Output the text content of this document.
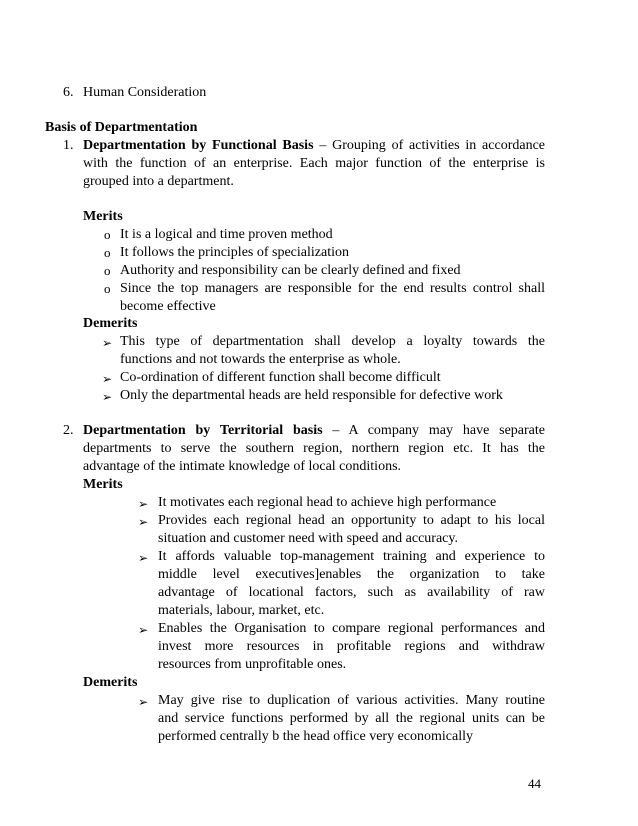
6. Human Consideration
Basis of Departmentation
1. Departmentation by Functional Basis – Grouping of activities in accordance
with the function of an enterprise. Each major function of the enterprise is
grouped into a department.
Merits
o It is a logical and time proven method
o It follows the principles of specialization
o Authority and responsibility can be clearly defined and fixed
o Since the top managers are responsible for the end results control shall
become effective
Demerits
➢ This type of departmentation shall develop a loyalty towards the
functions and not towards the enterprise as whole.
➢ Co-ordination of different function shall become difficult
➢ Only the departmental heads are held responsible for defective work
2. Departmentation by Territorial basis – A company may have separate
departments to serve the southern region, northern region etc. It has the
advantage of the intimate knowledge of local conditions.
Merits
➢ It motivates each regional head to achieve high performance
➢ Provides each regional head an opportunity to adapt to his local
situation and customer need with speed and accuracy.
➢ It affords valuable top-management training and experience to
middle level executives]enables the organization to take
advantage of locational factors, such as availability of raw
materials, labour, market, etc.
➢ Enables the Organisation to compare regional performances and
invest more resources in profitable regions and withdraw
resources from unprofitable ones.
Demerits
➢ May give rise to duplication of various activities. Many routine
and service functions performed by all the regional units can be
performed centrally b the head office very economically
44
